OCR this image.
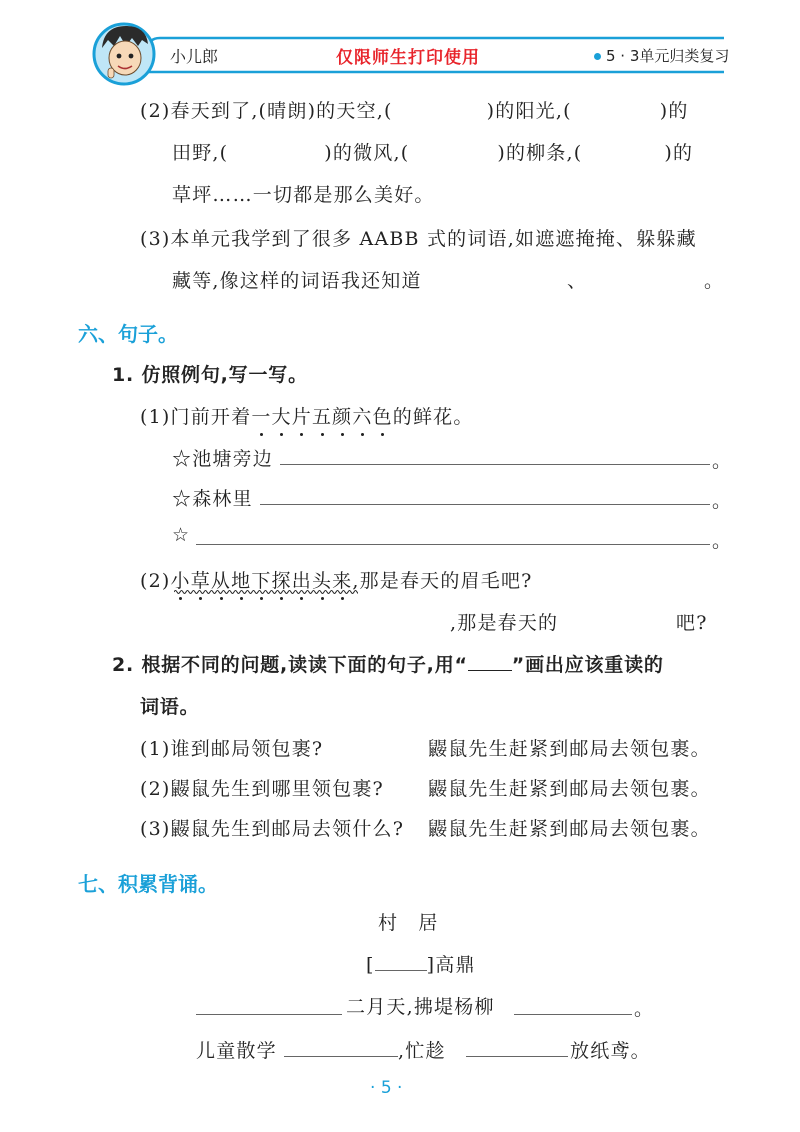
小儿郎	仅限师生打印使用	5 · 3单元归类复习
(2)春天到了,(晴朗)的天空,(	)的阳光,(	)的
田野,(	)的微风,(	)的柳条,(	)的
草坪……一切都是那么美好。
(3)本单元我学到了很多 AABB 式的词语,如遮遮掩掩、躲躲藏
藏等,像这样的词语我还知道	、	。
六、句子。
1. 仿照例句,写一写。
(1)门前开着一大片五颜六色的鲜花。
☆池塘旁边	。
☆森林里	。
☆	。
(2)小草从地下探出头来,那是春天的眉毛吧?
,那是春天的	吧?
2. 根据不同的问题,读读下面的句子,用“ ”画出应该重读的
词语。
(1)谁到邮局领包裹?	鼹鼠先生赶紧到邮局去领包裹。
(2)鼹鼠先生到哪里领包裹? 鼹鼠先生赶紧到邮局去领包裹。
(3)鼹鼠先生到邮局去领什么? 鼹鼠先生赶紧到邮局去领包裹。
七、积累背诵。
村　居
[	]高鼎
二月天,拂堤杨柳	。
儿童散学	,忙趁	放纸鸢。
· 5 ·
